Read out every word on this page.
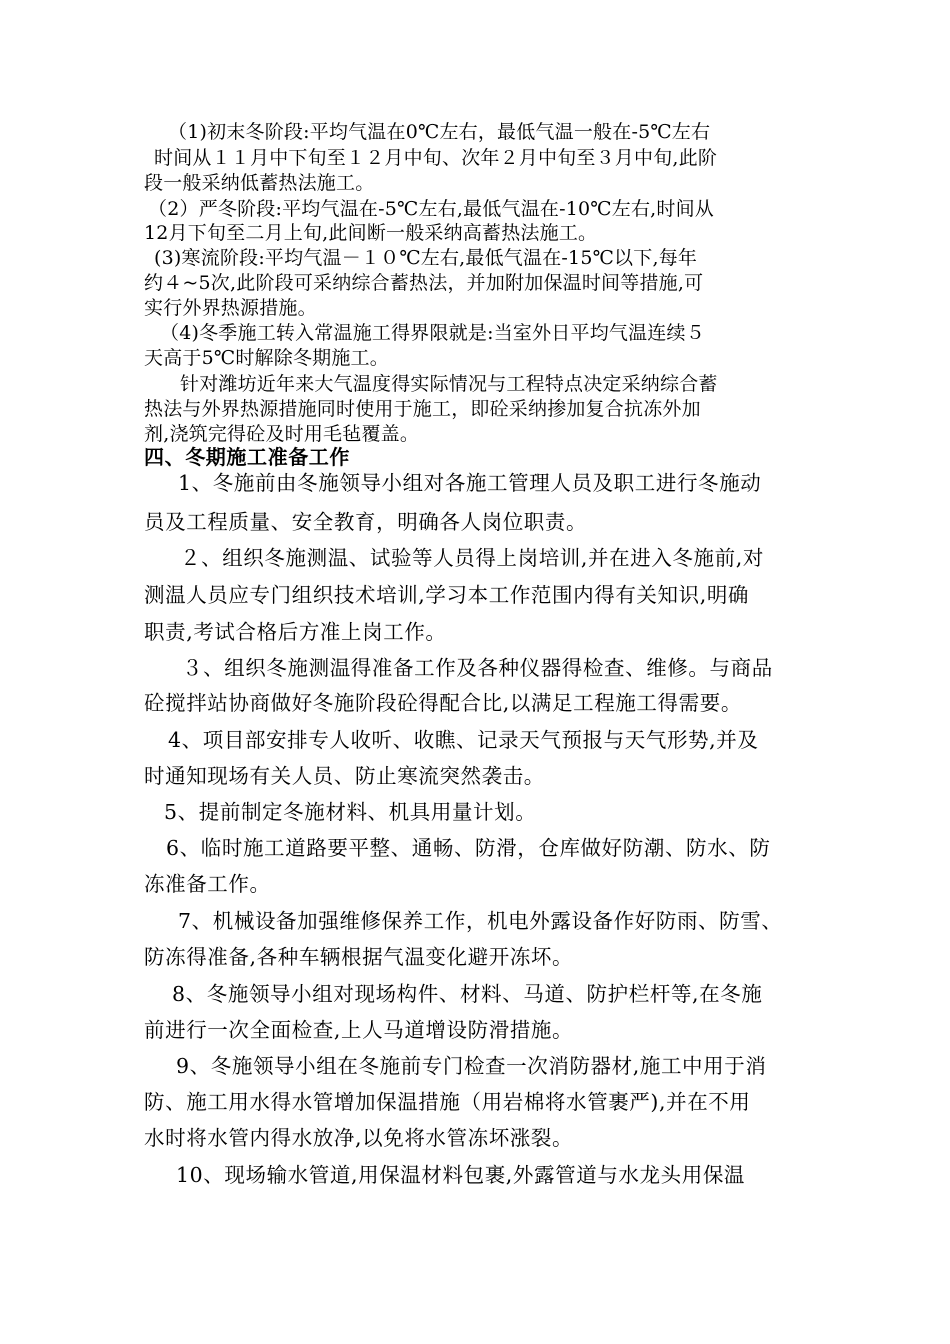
（1)初末冬阶段:平均气温在0℃左右，最低气温一般在-5℃左右
时间从１１月中下旬至１２月中旬、次年２月中旬至３月中旬,此阶
段一般采纳低蓄热法施工。
（2）严冬阶段:平均气温在-5℃左右,最低气温在-10℃左右,时间从
12月下旬至二月上旬,此间断一般采纳高蓄热法施工。
(3)寒流阶段:平均气温－１０℃左右,最低气温在-15℃以下,每年
约４~5次,此阶段可采纳综合蓄热法，并加附加保温时间等措施,可
实行外界热源措施。
（4)冬季施工转入常温施工得界限就是:当室外日平均气温连续５
天高于5℃时解除冬期施工。
针对潍坊近年来大气温度得实际情况与工程特点决定采纳综合蓄
热法与外界热源措施同时使用于施工，即砼采纳掺加复合抗冻外加
剂,浇筑完得砼及时用毛毡覆盖。
四、冬期施工准备工作
1、冬施前由冬施领导小组对各施工管理人员及职工进行冬施动
员及工程质量、安全教育，明确各人岗位职责。
２、组织冬施测温、试验等人员得上岗培训,并在进入冬施前,对
测温人员应专门组织技术培训,学习本工作范围内得有关知识,明确
职责,考试合格后方准上岗工作。
３、组织冬施测温得准备工作及各种仪器得检查、维修。与商品
砼搅拌站协商做好冬施阶段砼得配合比,以满足工程施工得需要。
4、项目部安排专人收听、收瞧、记录天气预报与天气形势,并及
时通知现场有关人员、防止寒流突然袭击。
5、提前制定冬施材料、机具用量计划。
6、临时施工道路要平整、通畅、防滑，仓库做好防潮、防水、防
冻准备工作。
7、机械设备加强维修保养工作，机电外露设备作好防雨、防雪、
防冻得准备,各种车辆根据气温变化避开冻坏。
8、冬施领导小组对现场构件、材料、马道、防护栏杆等,在冬施
前进行一次全面检查,上人马道增设防滑措施。
9、冬施领导小组在冬施前专门检查一次消防器材,施工中用于消
防、施工用水得水管增加保温措施（用岩棉将水管裹严),并在不用
水时将水管内得水放净,以免将水管冻坏涨裂。
10、现场输水管道,用保温材料包裹,外露管道与水龙头用保温
